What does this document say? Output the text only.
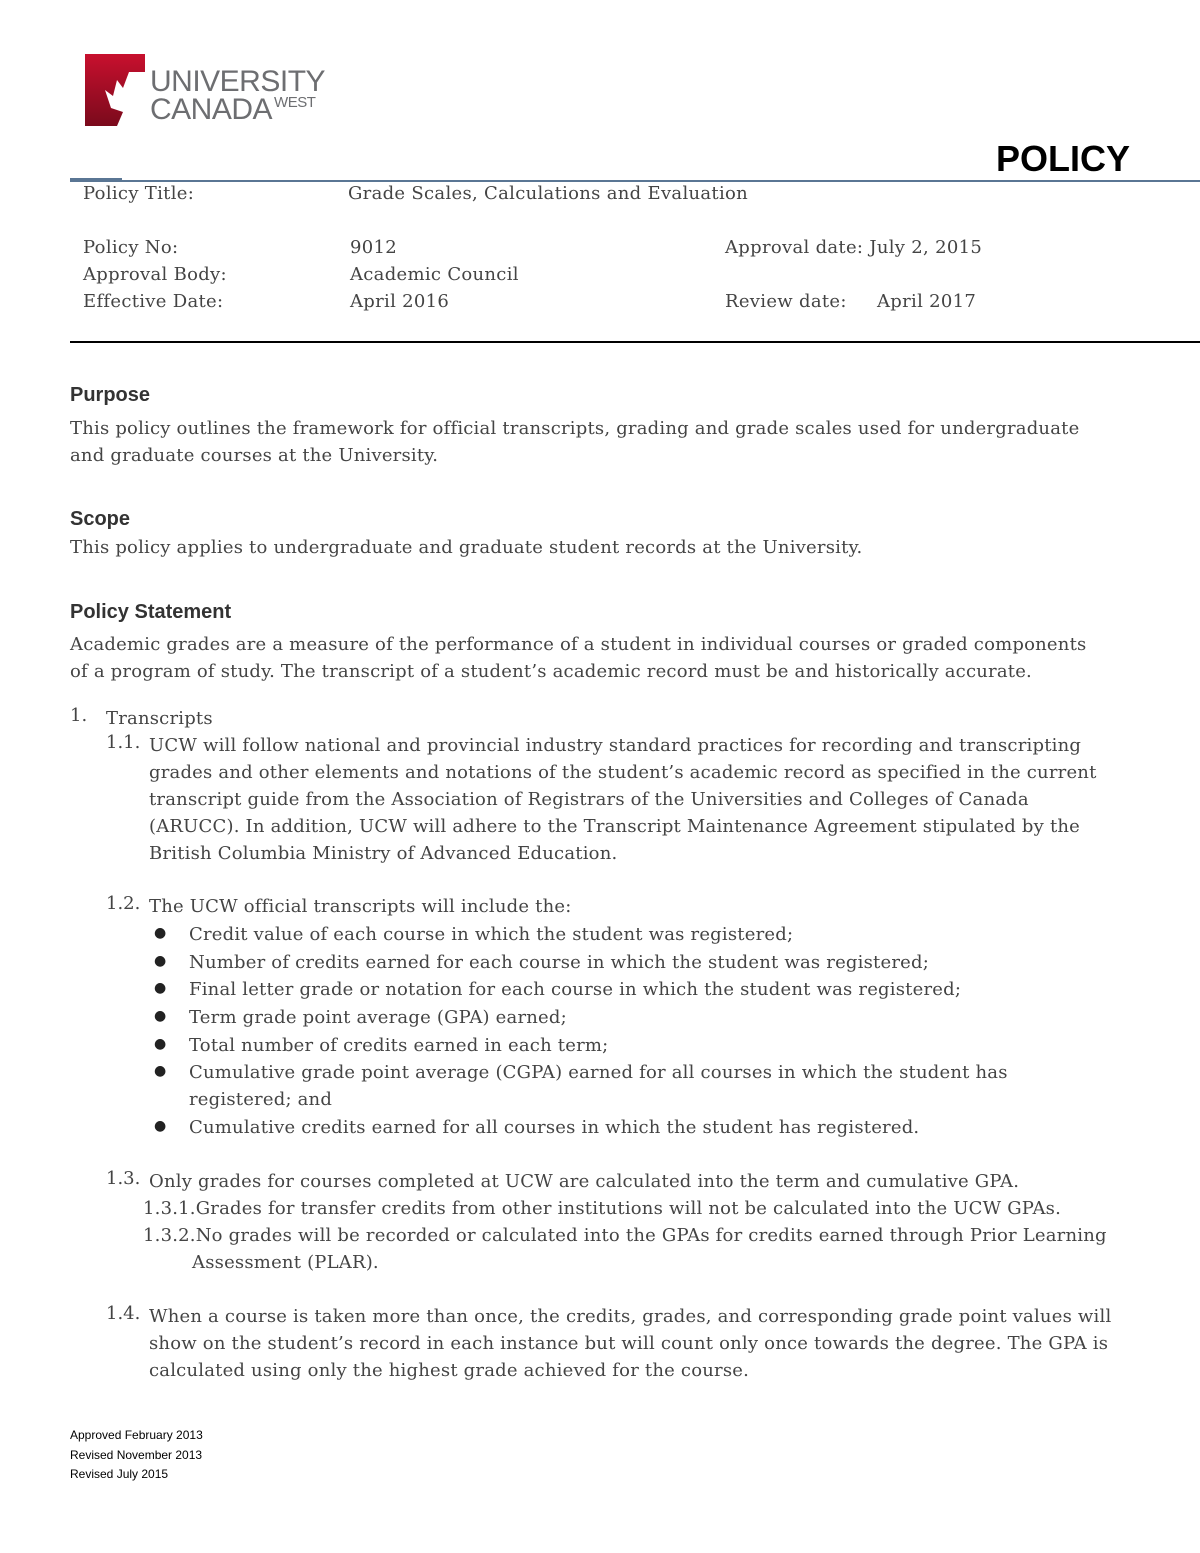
UNIVERSITY
CANADA $^{WEST}$
POLICY
Policy Title:	Grade Scales, Calculations and Evaluation
Policy No:	9012	Approval date: July 2, 2015
Approval Body:	Academic Council
Effective Date:	April 2016	Review date: April 2017
Purpose
This policy outlines the framework for official transcripts, grading and grade scales used for undergraduate
and graduate courses at the University.
Scope
This policy applies to undergraduate and graduate student records at the University.
Policy Statement
Academic grades are a measure of the performance of a student in individual courses or graded components
of a program of study. The transcript of a student’s academic record must be and historically accurate.
1. Transcripts
1.1. UCW will follow national and provincial industry standard practices for recording and transcripting
grades and other elements and notations of the student’s academic record as specified in the current
transcript guide from the Association of Registrars of the Universities and Colleges of Canada
(ARUCC). In addition, UCW will adhere to the Transcript Maintenance Agreement stipulated by the
British Columbia Ministry of Advanced Education.
1.2. The UCW official transcripts will include the:
● Credit value of each course in which the student was registered;
● Number of credits earned for each course in which the student was registered;
● Final letter grade or notation for each course in which the student was registered;
● Term grade point average (GPA) earned;
● Total number of credits earned in each term;
● Cumulative grade point average (CGPA) earned for all courses in which the student has
registered; and
● Cumulative credits earned for all courses in which the student has registered.
1.3. Only grades for courses completed at UCW are calculated into the term and cumulative GPA.
1.3.1.Grades for transfer credits from other institutions will not be calculated into the UCW GPAs.
1.3.2.No grades will be recorded or calculated into the GPAs for credits earned through Prior Learning
Assessment (PLAR).
1.4. When a course is taken more than once, the credits, grades, and corresponding grade point values will
show on the student’s record in each instance but will count only once towards the degree. The GPA is
calculated using only the highest grade achieved for the course.
Approved February 2013
Revised November 2013
Revised July 2015
